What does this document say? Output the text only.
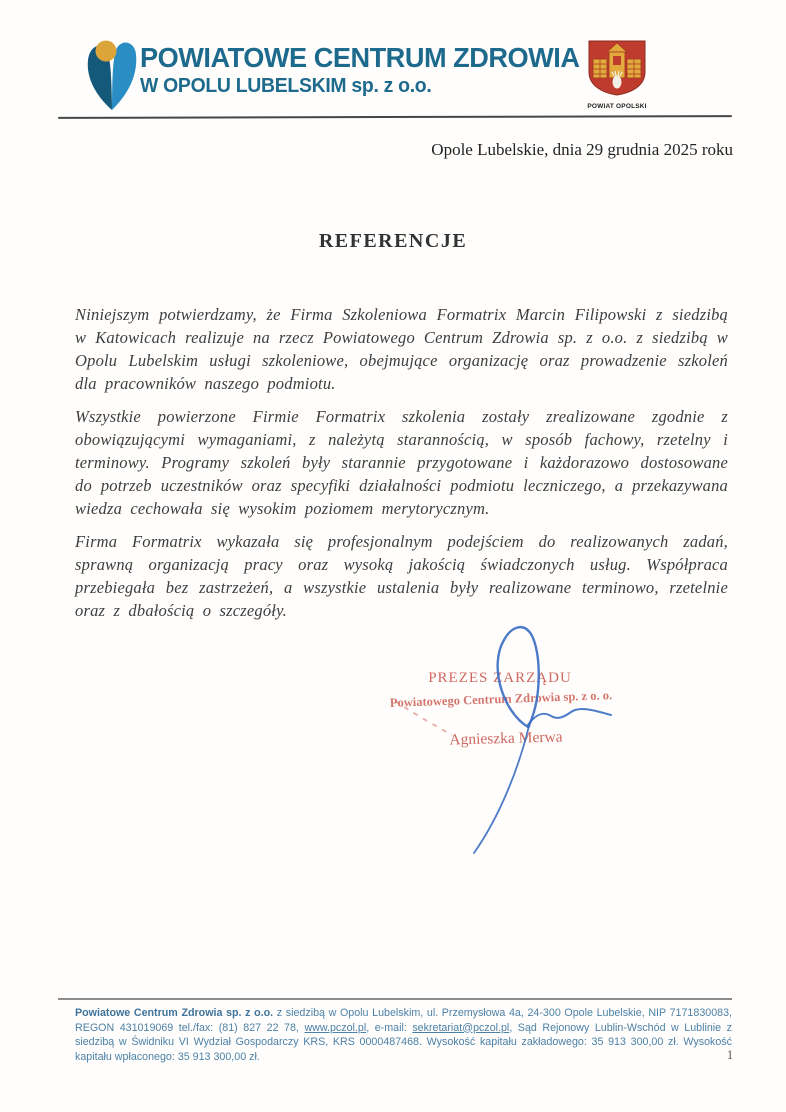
POWIATOWE CENTRUM ZDROWIA
W OPOLU LUBELSKIM sp. z o.o.
POWIAT OPOLSKI
Opole Lubelskie, dnia 29 grudnia 2025 roku
REFERENCJE

Niniejszym potwierdzamy, że Firma Szkoleniowa Formatrix Marcin Filipowski z siedzibą w Katowicach realizuje na rzecz Powiatowego Centrum Zdrowia sp. z o.o. z siedzibą w Opolu Lubelskim usługi szkoleniowe, obejmujące organizację oraz prowadzenie szkoleń dla pracowników naszego podmiotu.

Wszystkie powierzone Firmie Formatrix szkolenia zostały zrealizowane zgodnie z obowiązującymi wymaganiami, z należytą starannością, w sposób fachowy, rzetelny i terminowy. Programy szkoleń były starannie przygotowane i każdorazowo dostosowane do potrzeb uczestników oraz specyfiki działalności podmiotu leczniczego, a przekazywana wiedza cechowała się wysokim poziomem merytorycznym.

Firma Formatrix wykazała się profesjonalnym podejściem do realizowanych zadań, sprawną organizacją pracy oraz wysoką jakością świadczonych usług. Współpraca przebiegała bez zastrzeżeń, a wszystkie ustalenia były realizowane terminowo, rzetelnie oraz z dbałością o szczegóły.

PREZES ZARZĄDU
Powiatowego Centrum Zdrowia sp. z o. o.
Agnieszka Merwa
Powiatowe Centrum Zdrowia sp. z o.o. z siedzibą w Opolu Lubelskim, ul. Przemysłowa 4a, 24-300 Opole Lubelskie, NIP 7171830083, REGON 431019069 tel./fax: (81) 827 22 78, www.pczol.pl, e-mail: sekretariat@pczol.pl, Sąd Rejonowy Lublin-Wschód w Lublinie z siedzibą w Świdniku VI Wydział Gospodarczy KRS, KRS 0000487468. Wysokość kapitału zakładowego: 35 913 300,00 zł. Wysokość kapitału wpłaconego: 35 913 300,00 zł.	1
